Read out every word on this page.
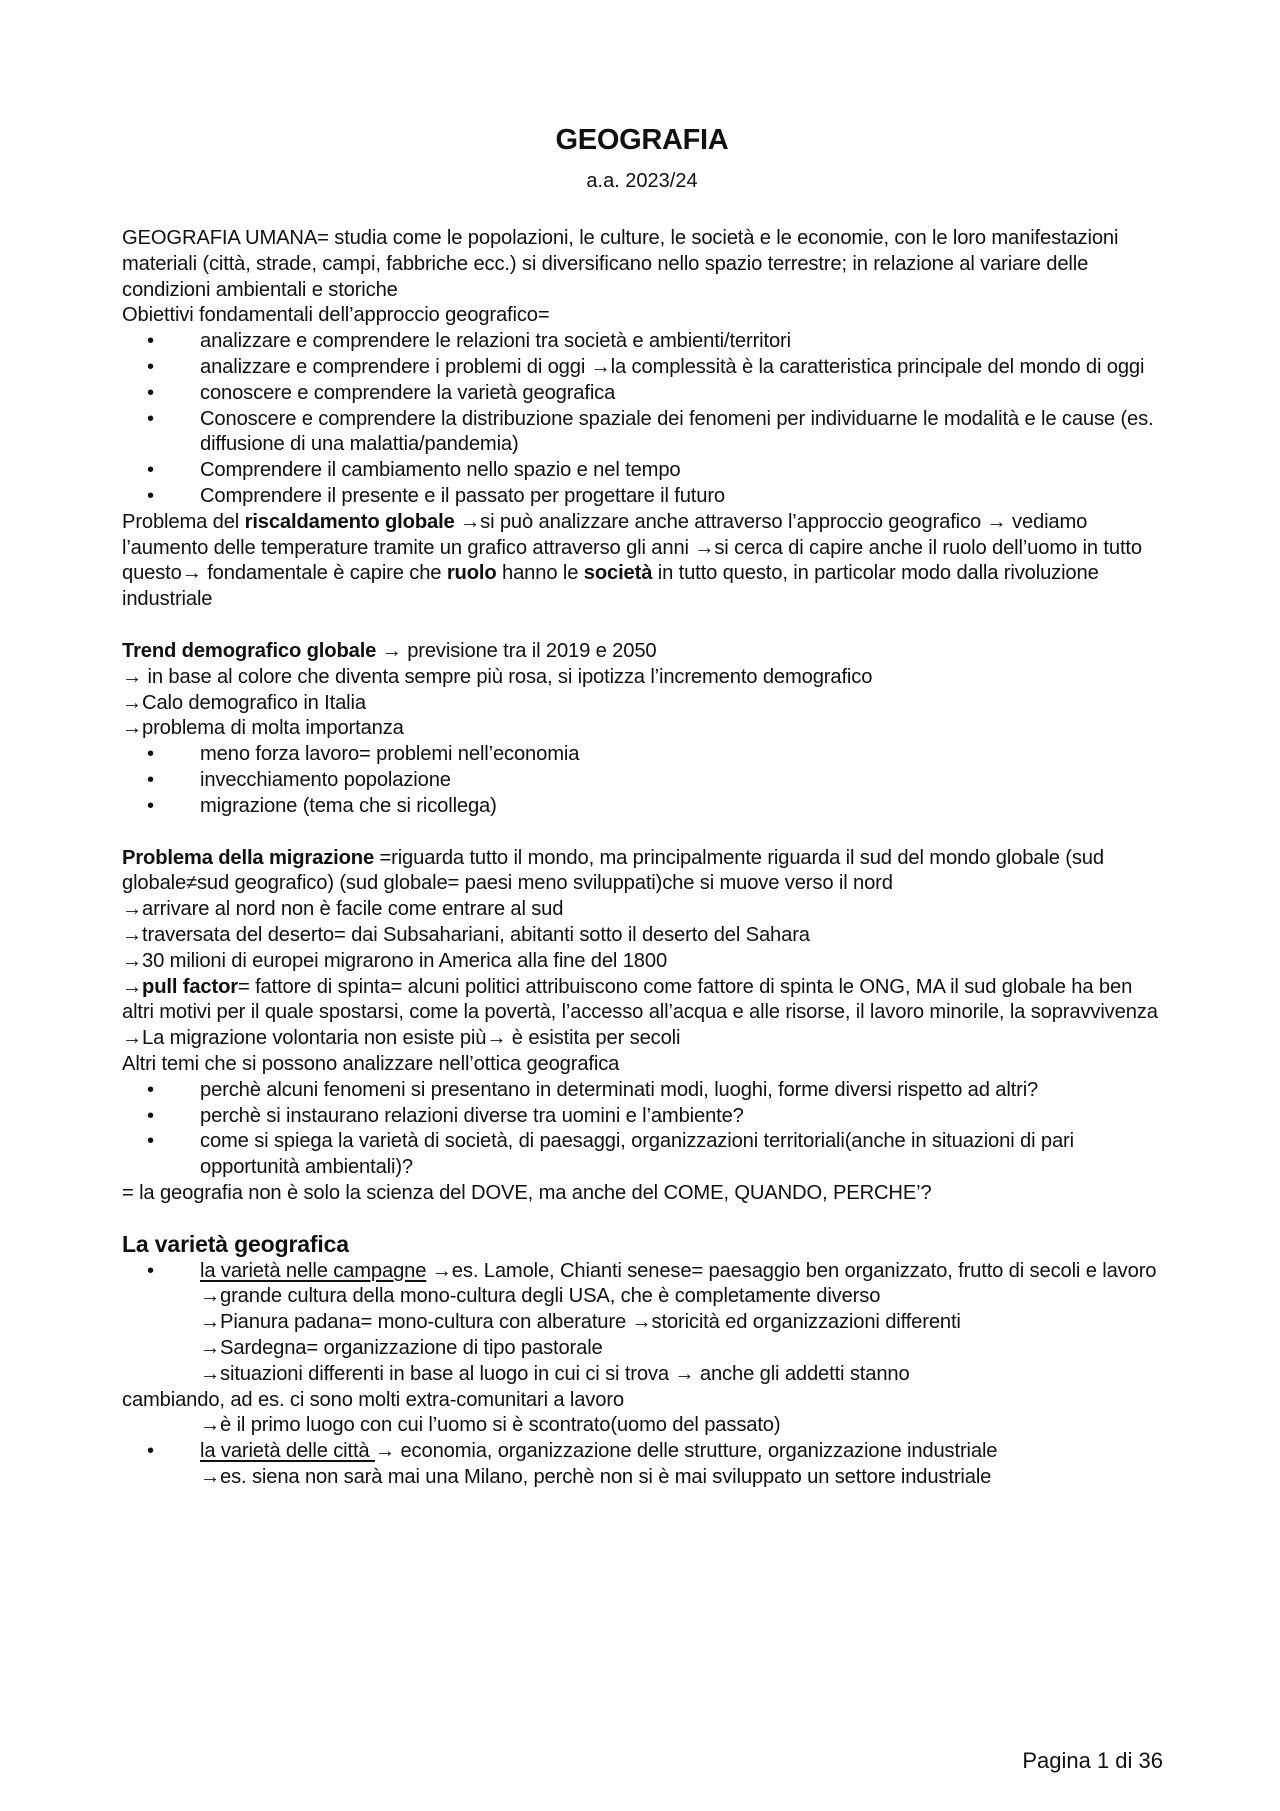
GEOGRAFIA
a.a. 2023/24

GEOGRAFIA UMANA= studia come le popolazioni, le culture, le società e le economie, con le loro manifestazioni materiali (città, strade, campi, fabbriche ecc.) si diversificano nello spazio terrestre; in relazione al variare delle condizioni ambientali e storiche

Obiettivi fondamentali dell’approccio geografico=

• analizzare e comprendere le relazioni tra società e ambienti/territori
• analizzare e comprendere i problemi di oggi →la complessità è la caratteristica principale del mondo di oggi
• conoscere e comprendere la varietà geografica
• Conoscere e comprendere la distribuzione spaziale dei fenomeni per individuarne le modalità e le cause (es. diffusione di una malattia/pandemia)
• Comprendere il cambiamento nello spazio e nel tempo
• Comprendere il presente e il passato per progettare il futuro

Problema del riscaldamento globale →si può analizzare anche attraverso l’approccio geografico → vediamo l’aumento delle temperature tramite un grafico attraverso gli anni →si cerca di capire anche il ruolo dell’uomo in tutto questo→ fondamentale è capire che ruolo hanno le società in tutto questo, in particolar modo dalla rivoluzione industriale

Trend demografico globale → previsione tra il 2019 e 2050

→ in base al colore che diventa sempre più rosa, si ipotizza l’incremento demografico

→Calo demografico in Italia

→problema di molta importanza

• meno forza lavoro= problemi nell’economia
• invecchiamento popolazione
• migrazione (tema che si ricollega)

Problema della migrazione =riguarda tutto il mondo, ma principalmente riguarda il sud del mondo globale (sud globale≠sud geografico) (sud globale= paesi meno sviluppati)che si muove verso il nord

→arrivare al nord non è facile come entrare al sud

→traversata del deserto= dai Subsahariani, abitanti sotto il deserto del Sahara

→30 milioni di europei migrarono in America alla fine del 1800

→pull factor= fattore di spinta= alcuni politici attribuiscono come fattore di spinta le ONG, MA il sud globale ha ben altri motivi per il quale spostarsi, come la povertà, l’accesso all’acqua e alle risorse, il lavoro minorile, la sopravvivenza

→La migrazione volontaria non esiste più→ è esistita per secoli

Altri temi che si possono analizzare nell’ottica geografica

• perchè alcuni fenomeni si presentano in determinati modi, luoghi, forme diversi rispetto ad altri?
• perchè si instaurano relazioni diverse tra uomini e l’ambiente?
• come si spiega la varietà di società, di paesaggi, organizzazioni territoriali(anche in situazioni di pari opportunità ambientali)?

= la geografia non è solo la scienza del DOVE, ma anche del COME, QUANDO, PERCHE’?

La varietà geografica

• la varietà nelle campagne →es. Lamole, Chianti senese= paesaggio ben organizzato, frutto di secoli e lavoro
→grande cultura della mono-cultura degli USA, che è completamente diverso
→Pianura padana= mono-cultura con alberature →storicità ed organizzazioni differenti
→Sardegna= organizzazione di tipo pastorale
→situazioni differenti in base al luogo in cui ci si trova → anche gli addetti stanno

cambiando, ad es. ci sono molti extra-comunitari a lavoro

→è il primo luogo con cui l’uomo si è scontrato(uomo del passato)

• la varietà delle città → economia, organizzazione delle strutture, organizzazione industriale
→es. siena non sarà mai una Milano, perchè non si è mai sviluppato un settore industriale
Pagina 1 di 36
